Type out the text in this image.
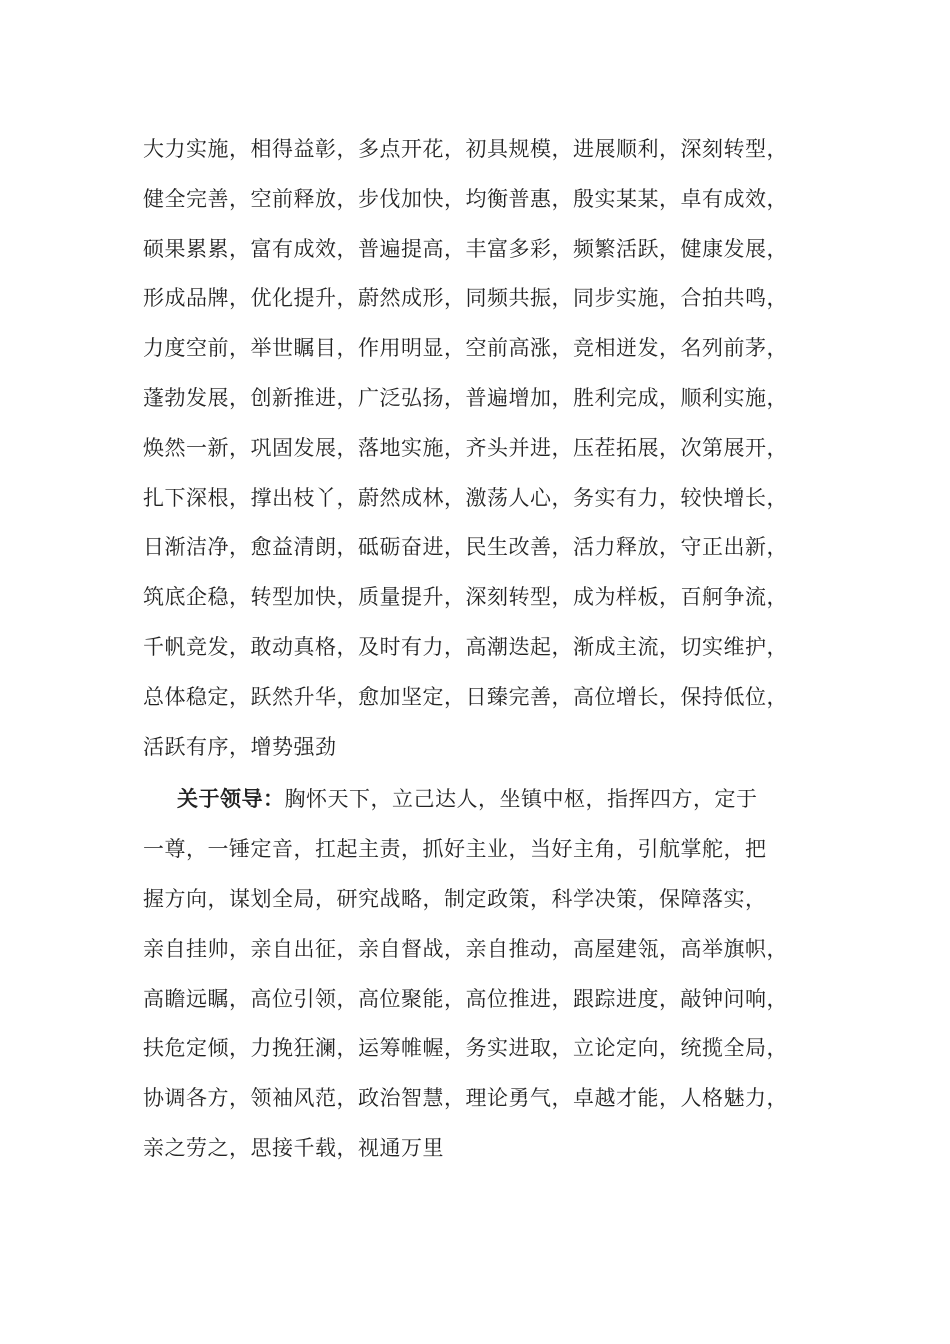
大力实施，相得益彰，多点开花，初具规模，进展顺利，深刻转型，
健全完善，空前释放，步伐加快，均衡普惠，殷实某某，卓有成效，
硕果累累，富有成效，普遍提高，丰富多彩，频繁活跃，健康发展，
形成品牌，优化提升，蔚然成形，同频共振，同步实施，合拍共鸣，
力度空前，举世瞩目，作用明显，空前高涨，竞相迸发，名列前茅，
蓬勃发展，创新推进，广泛弘扬，普遍增加，胜利完成，顺利实施，
焕然一新，巩固发展，落地实施，齐头并进，压茬拓展，次第展开，
扎下深根，撑出枝丫，蔚然成林，激荡人心，务实有力，较快增长，
日渐洁净，愈益清朗，砥砺奋进，民生改善，活力释放，守正出新，
筑底企稳，转型加快，质量提升，深刻转型，成为样板，百舸争流，
千帆竞发，敢动真格，及时有力，高潮迭起，渐成主流，切实维护，
总体稳定，跃然升华，愈加坚定，日臻完善，高位增长，保持低位，
活跃有序，增势强劲
关于领导：胸怀天下，立己达人，坐镇中枢，指挥四方，定于
一尊，一锤定音，扛起主责，抓好主业，当好主角，引航掌舵，把
握方向，谋划全局，研究战略，制定政策，科学决策，保障落实，
亲自挂帅，亲自出征，亲自督战，亲自推动，高屋建瓴，高举旗帜，
高瞻远瞩，高位引领，高位聚能，高位推进，跟踪进度，敲钟问响，
扶危定倾，力挽狂澜，运筹帷幄，务实进取，立论定向，统揽全局，
协调各方，领袖风范，政治智慧，理论勇气，卓越才能，人格魅力，
亲之劳之，思接千载，视通万里
